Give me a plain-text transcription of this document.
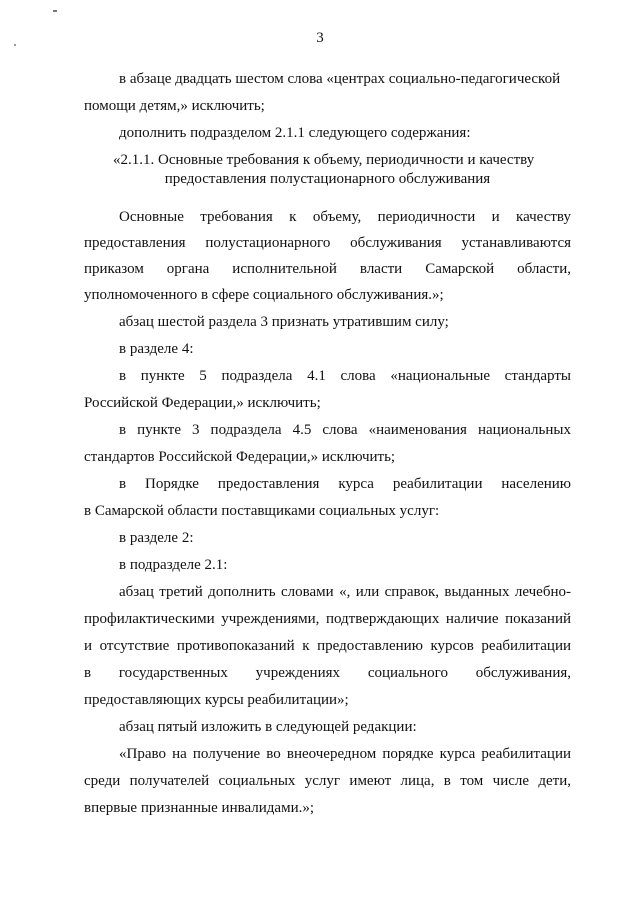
3
в абзаце двадцать шестом слова «центрах социально-педагогической
помощи детям,» исключить;
дополнить подразделом 2.1.1 следующего содержания:
«2.1.1. Основные требования к объему, периодичности и качеству
предоставления полустационарного обслуживания
Основные требования к объему, периодичности и качеству
предоставления полустационарного обслуживания устанавливаются
приказом органа исполнительной власти Самарской области,
уполномоченного в сфере социального обслуживания.»;
абзац шестой раздела 3 признать утратившим силу;
в разделе 4:
в пункте 5 подраздела 4.1 слова «национальные стандарты
Российской Федерации,» исключить;
в пункте 3 подраздела 4.5 слова «наименования национальных
стандартов Российской Федерации,» исключить;
в Порядке предоставления курса реабилитации населению
в Самарской области поставщиками социальных услуг:
в разделе 2:
в подразделе 2.1:
абзац третий дополнить словами «, или справок, выданных лечебно-
профилактическими учреждениями, подтверждающих наличие показаний
и отсутствие противопоказаний к предоставлению курсов реабилитации
в государственных учреждениях социального обслуживания,
предоставляющих курсы реабилитации»;
абзац пятый изложить в следующей редакции:
«Право на получение во внеочередном порядке курса реабилитации
среди получателей социальных услуг имеют лица, в том числе дети,
впервые признанные инвалидами.»;
